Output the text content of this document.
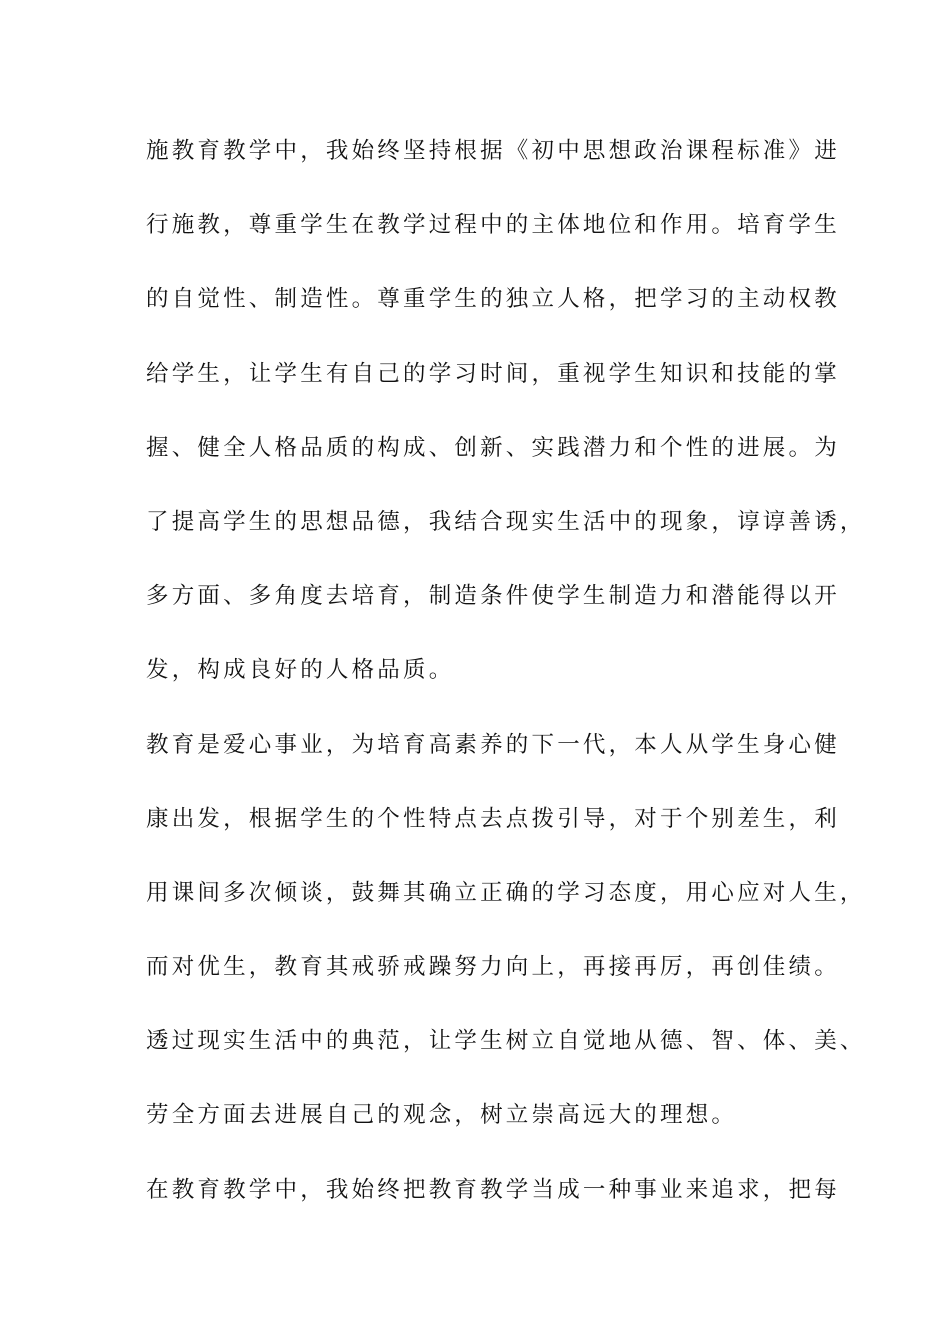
施教育教学中，我始终坚持根据《初中思想政治课程标准》进
行施教，尊重学生在教学过程中的主体地位和作用。培育学生
的自觉性、制造性。尊重学生的独立人格，把学习的主动权教
给学生，让学生有自己的学习时间，重视学生知识和技能的掌
握、健全人格品质的构成、创新、实践潜力和个性的进展。为
了提高学生的思想品德，我结合现实生活中的现象，谆谆善诱，
多方面、多角度去培育，制造条件使学生制造力和潜能得以开
发，构成良好的人格品质。
教育是爱心事业，为培育高素养的下一代，本人从学生身心健
康出发，根据学生的个性特点去点拨引导，对于个别差生，利
用课间多次倾谈，鼓舞其确立正确的学习态度，用心应对人生，
而对优生，教育其戒骄戒躁努力向上，再接再厉，再创佳绩。
透过现实生活中的典范，让学生树立自觉地从德、智、体、美、
劳全方面去进展自己的观念，树立崇高远大的理想。
在教育教学中，我始终把教育教学当成一种事业来追求，把每
